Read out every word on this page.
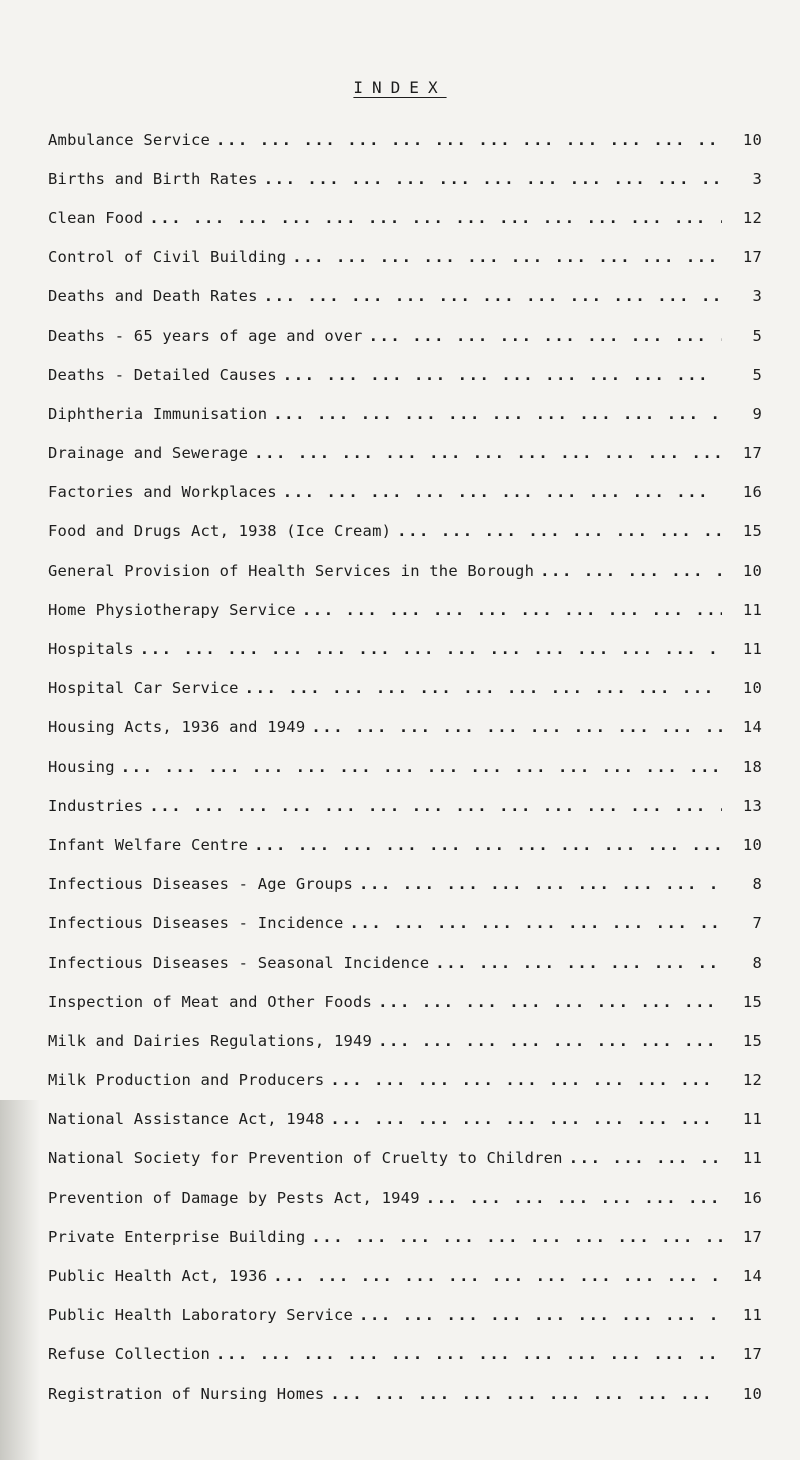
INDEX
Ambulance Service ... .	10
Births and Birth Rates ... .	3
Clean Food ... .	12
Control of Civil Building ... .	17
Deaths and Death Rates ... .	3
Deaths - 65 years of age and over ... .	5
Deaths - Detailed Causes ... .	5
Diphtheria Immunisation ... .	9
Drainage and Sewerage ... .	17
Factories and Workplaces ... .	16
Food and Drugs Act, 1938 (Ice Cream) ... .	15
General Provision of Health Services in the Borough ... .	10
Home Physiotherapy Service ... .	11
Hospitals ... .	11
Hospital Car Service ... .	10
Housing Acts, 1936 and 1949 ... .	14
Housing ... .	18
Industries ... .	13
Infant Welfare Centre ... .	10
Infectious Diseases - Age Groups ... .	8
Infectious Diseases - Incidence ... .	7
Infectious Diseases - Seasonal Incidence ... .	8
Inspection of Meat and Other Foods ... .	15
Milk and Dairies Regulations, 1949 ... .	15
Milk Production and Producers ... .	12
National Assistance Act, 1948 ... .	11
National Society for Prevention of Cruelty to Children ... .	11
Prevention of Damage by Pests Act, 1949 ... .	16
Private Enterprise Building ... .	17
Public Health Act, 1936 ... .	14
Public Health Laboratory Service ... .	11
Refuse Collection ... .	17
Registration of Nursing Homes ... .	10
